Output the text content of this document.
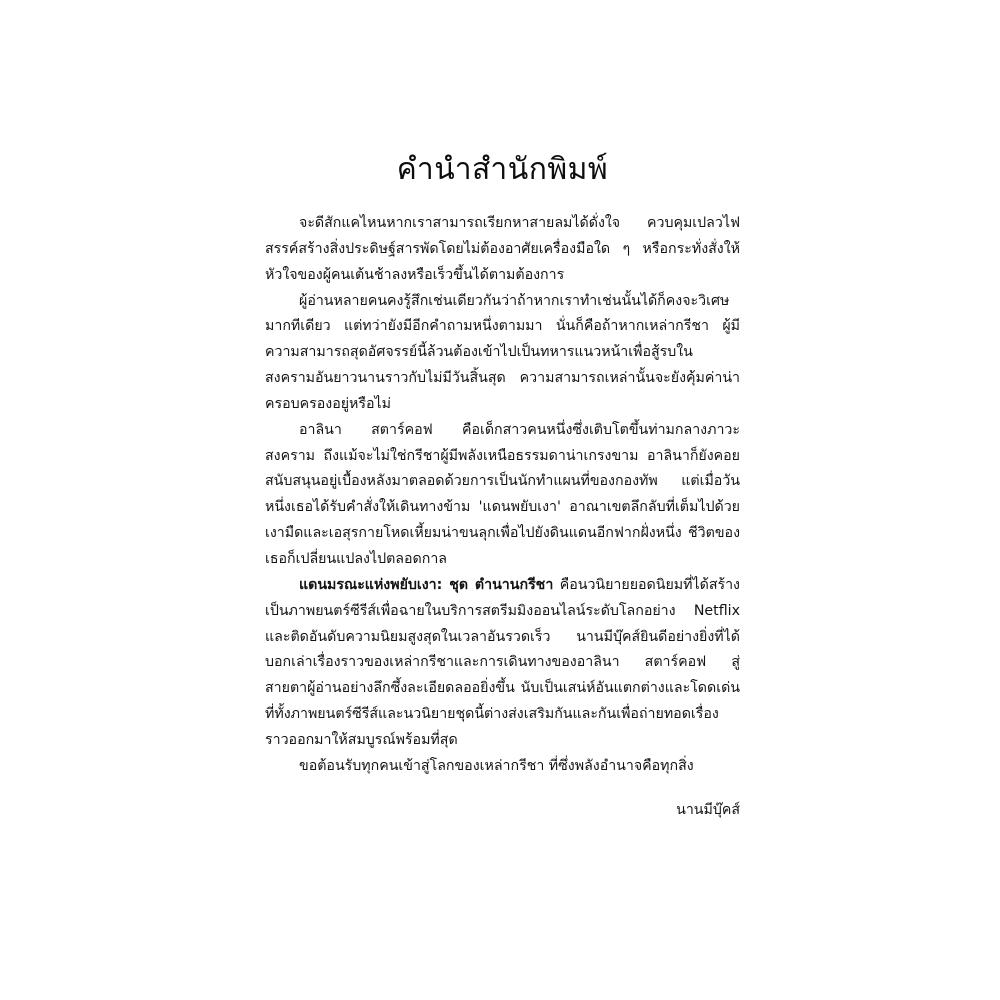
คำนำสำนักพิมพ์

จะดีสักแคไหนหากเราสามารถเรียกหาสายลมได้ดั่งใจ ควบคุมเปลวไฟ สรรค์สร้างสิ่งประดิษฐ์สารพัดโดยไม่ต้องอาศัยเครื่องมือใด ๆ หรือกระทั่งสั่งให้หัวใจของผู้คนเต้นช้าลงหรือเร็วขึ้นได้ตามต้องการ

ผู้อ่านหลายคนคงรู้สึกเช่นเดียวกันว่าถ้าหากเราทำเช่นนั้นได้ก็คงจะวิเศษมากทีเดียว แต่ทว่ายังมีอีกคำถามหนึ่งตามมา นั่นก็คือถ้าหากเหล่ากรีชา ผู้มีความสามารถสุดอัศจรรย์นี้ล้วนต้องเข้าไปเป็นทหารแนวหน้าเพื่อสู้รบในสงครามอันยาวนานราวกับไม่มีวันสิ้นสุด ความสามารถเหล่านั้นจะยังคุ้มค่าน่าครอบครองอยู่หรือไม่

อาลินา สตาร์คอฟ คือเด็กสาวคนหนึ่งซึ่งเติบโตขึ้นท่ามกลางภาวะสงคราม ถึงแม้จะไม่ใช่กรีชาผู้มีพลังเหนือธรรมดาน่าเกรงขาม อาลินาก็ยังคอยสนับสนุนอยู่เบื้องหลังมาตลอดด้วยการเป็นนักทำแผนที่ของกองทัพ แต่เมื่อวันหนึ่งเธอได้รับคำสั่งให้เดินทางข้าม 'แดนพยับเงา' อาณาเขตลึกลับที่เต็มไปด้วยเงามืดและเอสุรกายโหดเหี้ยมน่าขนลุกเพื่อไปยังดินแดนอีกฟากฝั่งหนึ่ง ชีวิตของเธอก็เปลี่ยนแปลงไปตลอดกาล

แดนมรณะแห่งพยับเงา: ชุด ตำนานกรีชา คือนวนิยายยอดนิยมที่ได้สร้างเป็นภาพยนตร์ซีรีส์เพื่อฉายในบริการสตรีมมิงออนไลน์ระดับโลกอย่าง Netflix และติดอันดับความนิยมสูงสุดในเวลาอันรวดเร็ว นานมีบุ๊คส์ยินดีอย่างยิ่งที่ได้บอกเล่าเรื่องราวของเหล่ากรีชาและการเดินทางของอาลินา สตาร์คอฟ สู่สายตาผู้อ่านอย่างลึกซึ้งละเอียดลออยิ่งขึ้น นับเป็นเสน่ห์อันแตกต่างและโดดเด่นที่ทั้งภาพยนตร์ซีรีส์และนวนิยายชุดนี้ต่างส่งเสริมกันและกันเพื่อถ่ายทอดเรื่องราวออกมาให้สมบูรณ์พร้อมที่สุด

ขอต้อนรับทุกคนเข้าสู่โลกของเหล่ากรีชา ที่ซึ่งพลังอำนาจคือทุกสิ่ง

นานมีบุ๊คส์
